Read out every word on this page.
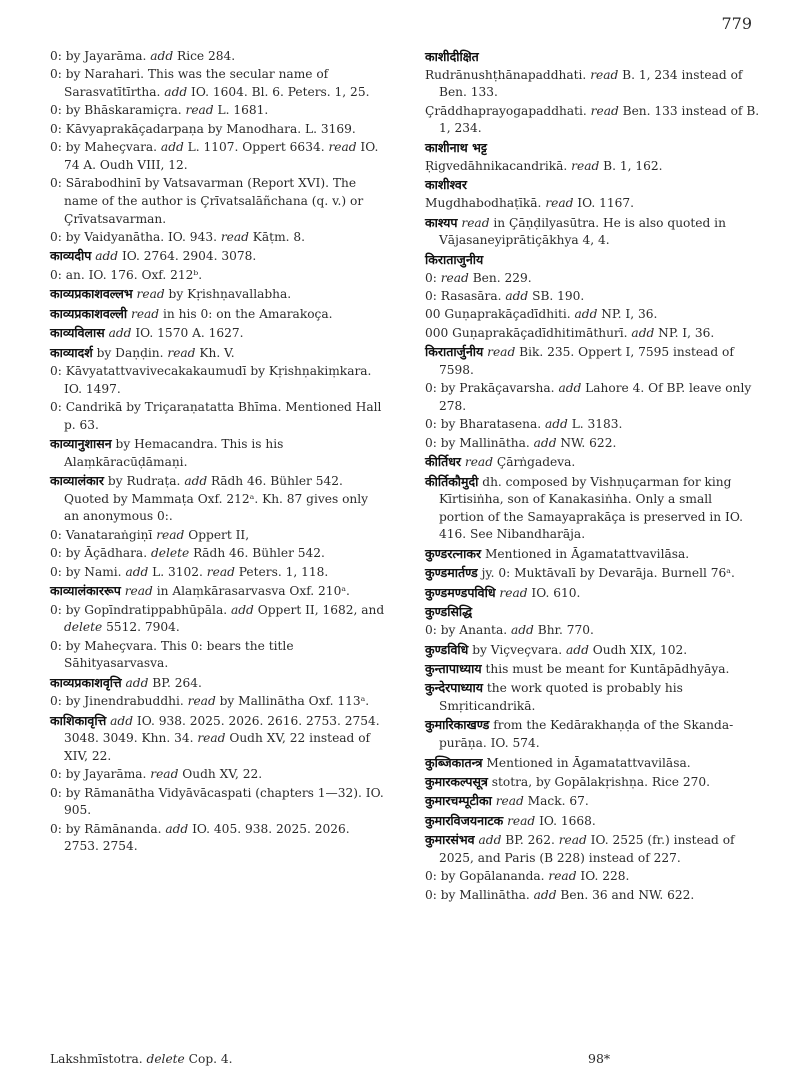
779
0: by Jayarāma. add Rice 284.
0: by Narahari. This was the secular name of Sarasvatītīrtha. add IO. 1604. Bl. 6. Peters. 1, 25.
0: by Bhāskaramiçra. read L. 1681.
0: Kāvyaprakāçadarpaṇa by Manodhara. L. 3169.
0: by Maheçvara. add L. 1107. Oppert 6634. read IO. 74 A. Oudh VIII, 12.
0: Sārabodhinī by Vatsavarman (Report XVI). The name of the author is Çrīvatsalāñchana (q. v.) or Çrīvatsavarman.
0: by Vaidyanātha. IO. 943. read Kāṭm. 8.
काव्यदीप add IO. 2764. 2904. 3078.
0: an. IO. 176. Oxf. 212ᵇ.
काव्यप्रकाशवल्लभ read by Kṛishṇavallabha.
काव्यप्रकाशवल्ली read in his 0: on the Amarakoça.
काव्यविलास add IO. 1570 A. 1627.
काव्यादर्श by Daṇḍin. read Kh. V.
0: Kāvyatattvavivecakakaumudī by Kṛishṇakiṃkara. IO. 1497.
0: Candrikā by Triçaraṇatatta Bhīma. Mentioned Hall p. 63.
काव्यानुशासन by Hemacandra. This is his Alaṃkāracūḍāmaṇi.
काव्यालंकार by Rudraṭa. add Rādh 46. Bühler 542. Quoted by Mammaṭa Oxf. 212ᵃ. Kh. 87 gives only an anonymous 0:.
0: Vanataraṅgiṇī read Oppert II,
0: by Āçādhara. delete Rādh 46. Bühler 542.
0: by Nami. add L. 3102. read Peters. 1, 118.
काव्यालंकाररूप read in Alaṃkārasarvasva Oxf. 210ᵃ.
0: by Gopīndratippabhūpāla. add Oppert II, 1682, and delete 5512. 7904.
0: by Maheçvara. This 0: bears the title Sāhityasarvasva.
काव्यप्रकाशवृत्ति add BP. 264.
0: by Jinendrabuddhi. read by Mallinātha Oxf. 113ᵃ.
काशिकावृत्ति add IO. 938. 2025. 2026. 2616. 2753. 2754. 3048. 3049. Khn. 34. read Oudh XV, 22 instead of XIV, 22.
0: by Jayarāma. read Oudh XV, 22.
0: by Rāmanātha Vidyāvācaspati (chapters 1—32). IO. 905.
0: by Rāmānanda. add IO. 405. 938. 2025. 2026. 2753. 2754.
काशीदीक्षित
Rudrānushṭhānapaddhati. read B. 1, 234 instead of Ben. 133.
Çrāddhaprayogapaddhati. read Ben. 133 instead of B. 1, 234.
काशीनाथ भट्ट
Ṛigvedāhnikacandrikā. read B. 1, 162.
काशीश्वर
Mugdhabodhaṭīkā. read IO. 1167.
काश्यप read in Çāṇḍilyasūtra. He is also quoted in Vājasaneyiprātiçākhya 4, 4.
किराताजुनीय
0: read Ben. 229.
0: Rasasāra. add SB. 190.
00 Guṇaprakāçadīdhiti. add NP. I, 36.
000 Guṇaprakāçadīdhitimāthurī. add NP. I, 36.
किरातार्जुनीय read Bik. 235. Oppert I, 7595 instead of 7598.
0: by Prakāçavarsha. add Lahore 4. Of BP. leave only 278.
0: by Bharatasena. add L. 3183.
0: by Mallinātha. add NW. 622.
कीर्तिधर read Çārṅgadeva.
कीर्तिकौमुदी dh. composed by Vishṇuçarman for king Kīrtisiṅha, son of Kanakasiṅha. Only a small portion of the Samayaprakāça is preserved in IO. 416. See Nibandharāja.
कुण्डरत्नाकर Mentioned in Āgamatattvavilāsa.
कुण्डमार्तण्ड jy. 0: Muktāvalī by Devarāja. Burnell 76ᵃ.
कुण्डमण्डपविधि read IO. 610.
कुण्डसिद्धि
0: by Ananta. add Bhr. 770.
कुण्डविधि by Viçveçvara. add Oudh XIX, 102.
कुन्तापाध्याय this must be meant for Kuntāpādhyāya.
कुन्देरपाध्याय the work quoted is probably his Smṛiticandrikā.
कुमारिकाखण्ड from the Kedārakhaṇḍa of the Skanda-purāṇa. IO. 574.
कुब्जिकातन्त्र Mentioned in Āgamatattvavilāsa.
कुमारकल्पसूत्र stotra, by Gopālakṛishṇa. Rice 270.
कुमारचम्पूटीका read Mack. 67.
कुमारविजयनाटक read IO. 1668.
कुमारसंभव add BP. 262. read IO. 2525 (fr.) instead of 2025, and Paris (B 228) instead of 227.
0: by Gopālananda. read IO. 228.
0: by Mallinātha. add Ben. 36 and NW. 622.
Lakshmīstotra. delete Cop. 4.	98*
